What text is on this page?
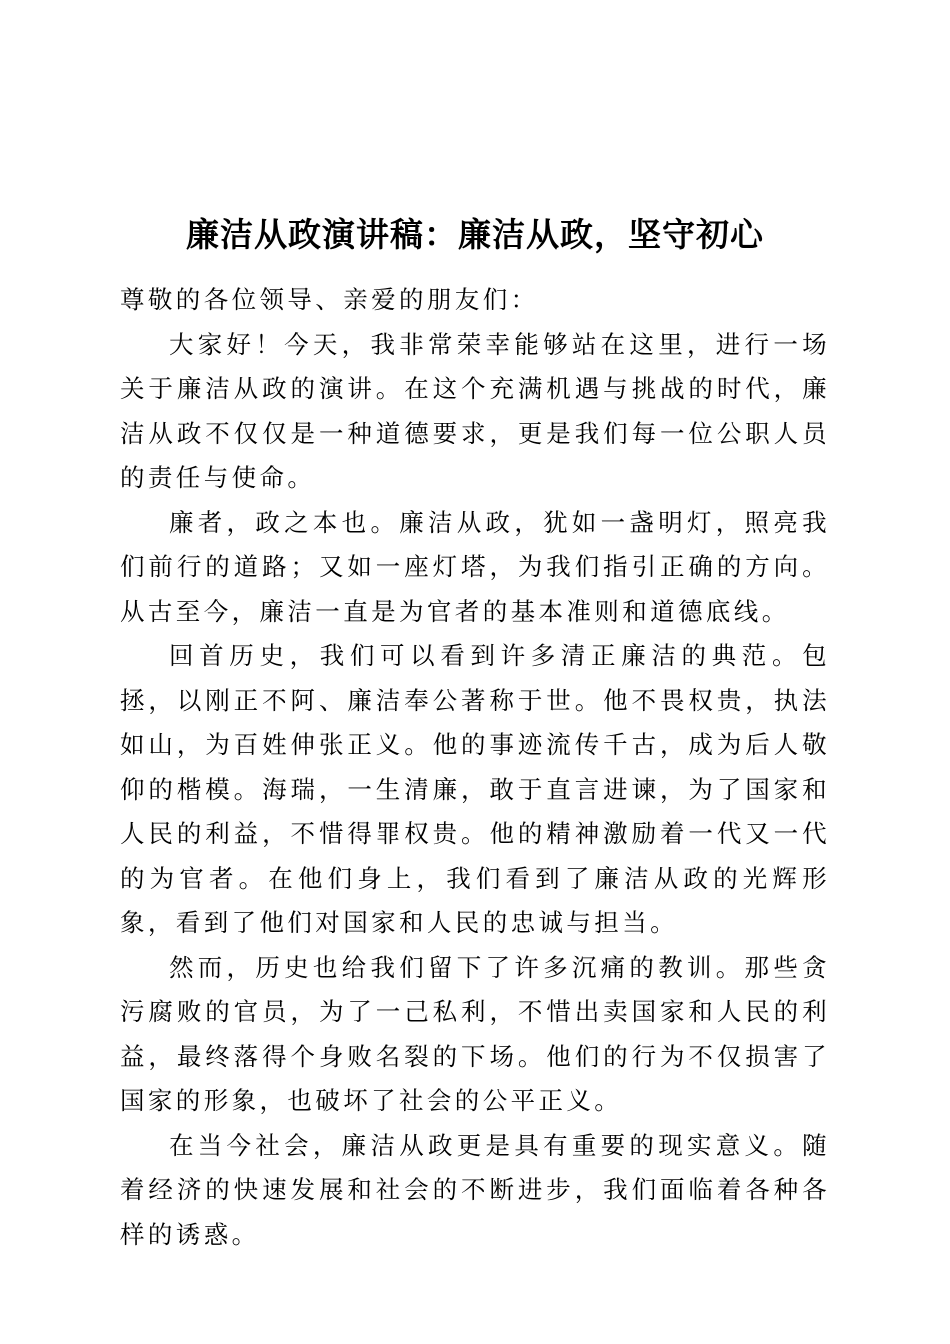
廉洁从政演讲稿：廉洁从政，坚守初心

尊敬的各位领导、亲爱的朋友们：

大家好！今天，我非常荣幸能够站在这里，进行一场关于廉洁从政的演讲。在这个充满机遇与挑战的时代，廉洁从政不仅仅是一种道德要求，更是我们每一位公职人员的责任与使命。

廉者，政之本也。廉洁从政，犹如一盏明灯，照亮我们前行的道路；又如一座灯塔，为我们指引正确的方向。从古至今，廉洁一直是为官者的基本准则和道德底线。

回首历史，我们可以看到许多清正廉洁的典范。包拯，以刚正不阿、廉洁奉公著称于世。他不畏权贵，执法如山，为百姓伸张正义。他的事迹流传千古，成为后人敬仰的楷模。海瑞，一生清廉，敢于直言进谏，为了国家和人民的利益，不惜得罪权贵。他的精神激励着一代又一代的为官者。在他们身上，我们看到了廉洁从政的光辉形象，看到了他们对国家和人民的忠诚与担当。

然而，历史也给我们留下了许多沉痛的教训。那些贪污腐败的官员，为了一己私利，不惜出卖国家和人民的利益，最终落得个身败名裂的下场。他们的行为不仅损害了国家的形象，也破坏了社会的公平正义。

在当今社会，廉洁从政更是具有重要的现实意义。随着经济的快速发展和社会的不断进步，我们面临着各种各样的诱惑。
